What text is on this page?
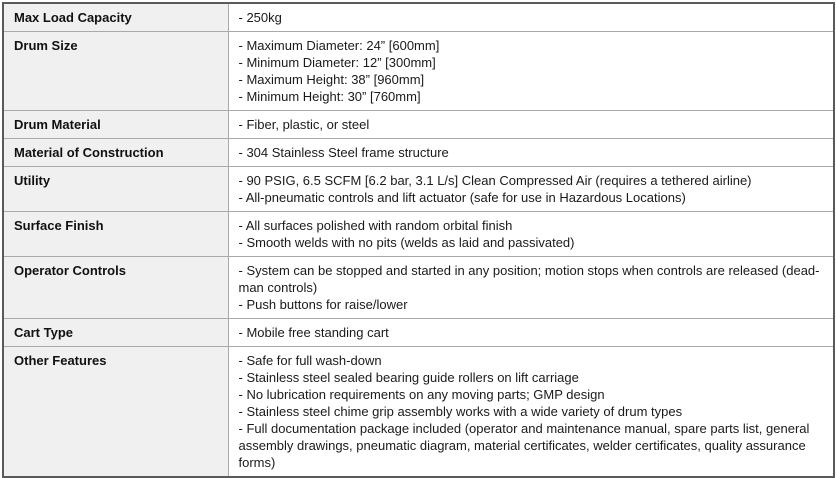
Max Load Capacity	- 250kg

Drum Size	- Maximum Diameter: 24” [600mm]
- Minimum Diameter: 12” [300mm]
- Maximum Height: 38” [960mm]
- Minimum Height: 30” [760mm]

Drum Material	- Fiber, plastic, or steel

Material of Construction	- 304 Stainless Steel frame structure

Utility	- 90 PSIG, 6.5 SCFM [6.2 bar, 3.1 L/s] Clean Compressed Air (requires a tethered airline)
- All-pneumatic controls and lift actuator (safe for use in Hazardous Locations)

Surface Finish	- All surfaces polished with random orbital finish
- Smooth welds with no pits (welds as laid and passivated)

Operator Controls	- System can be stopped and started in any position; motion stops when controls are released (dead-man controls)
- Push buttons for raise/lower

Cart Type	- Mobile free standing cart

Other Features	- Safe for full wash-down
- Stainless steel sealed bearing guide rollers on lift carriage
- No lubrication requirements on any moving parts; GMP design
- Stainless steel chime grip assembly works with a wide variety of drum types
- Full documentation package included (operator and maintenance manual, spare parts list, general assembly drawings, pneumatic diagram, material certificates, welder certificates, quality assurance forms)
